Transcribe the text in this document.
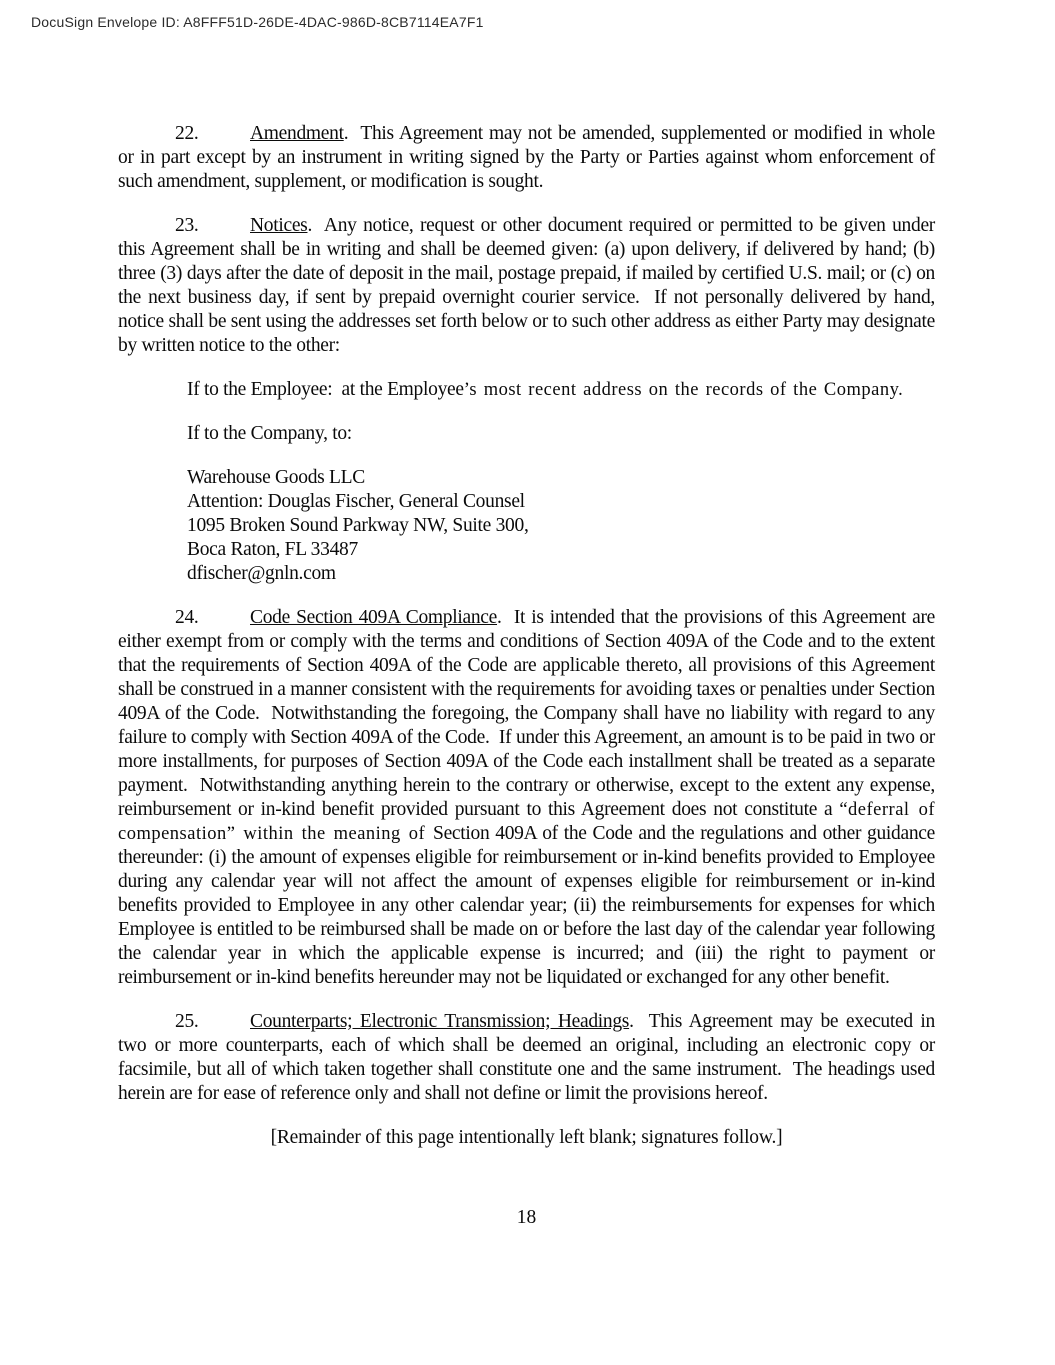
DocuSign Envelope ID: A8FFF51D-26DE-4DAC-986D-8CB7114EA7F1

22.	Amendment.  This Agreement may not be amended, supplemented or modified in whole or in part except by an instrument in writing signed by the Party or Parties against whom enforcement of such amendment, supplement, or modification is sought.

23.	Notices.  Any notice, request or other document required or permitted to be given under this Agreement shall be in writing and shall be deemed given: (a) upon delivery, if delivered by hand; (b) three (3) days after the date of deposit in the mail, postage prepaid, if mailed by certified U.S. mail; or (c) on the next business day, if sent by prepaid overnight courier service.  If not personally delivered by hand, notice shall be sent using the addresses set forth below or to such other address as either Party may designate by written notice to the other:

If to the Employee:  at the Employee’s most recent address on the records of the Company.

If to the Company, to:

Warehouse Goods LLC
Attention: Douglas Fischer, General Counsel
1095 Broken Sound Parkway NW, Suite 300,
Boca Raton, FL 33487
dfischer@gnln.com

24.	Code Section 409A Compliance.  It is intended that the provisions of this Agreement are either exempt from or comply with the terms and conditions of Section 409A of the Code and to the extent that the requirements of Section 409A of the Code are applicable thereto, all provisions of this Agreement shall be construed in a manner consistent with the requirements for avoiding taxes or penalties under Section 409A of the Code.  Notwithstanding the foregoing, the Company shall have no liability with regard to any failure to comply with Section 409A of the Code.  If under this Agreement, an amount is to be paid in two or more installments, for purposes of Section 409A of the Code each installment shall be treated as a separate payment.  Notwithstanding anything herein to the contrary or otherwise, except to the extent any expense, reimbursement or in-kind benefit provided pursuant to this Agreement does not constitute a “deferral of compensation” within the meaning of Section 409A of the Code and the regulations and other guidance thereunder: (i) the amount of expenses eligible for reimbursement or in-kind benefits provided to Employee during any calendar year will not affect the amount of expenses eligible for reimbursement or in-kind benefits provided to Employee in any other calendar year; (ii) the reimbursements for expenses for which Employee is entitled to be reimbursed shall be made on or before the last day of the calendar year following the calendar year in which the applicable expense is incurred; and (iii) the right to payment or reimbursement or in-kind benefits hereunder may not be liquidated or exchanged for any other benefit.

25.	Counterparts; Electronic Transmission; Headings.  This Agreement may be executed in two or more counterparts, each of which shall be deemed an original, including an electronic copy or facsimile, but all of which taken together shall constitute one and the same instrument.  The headings used herein are for ease of reference only and shall not define or limit the provisions hereof.

[Remainder of this page intentionally left blank; signatures follow.]

18
